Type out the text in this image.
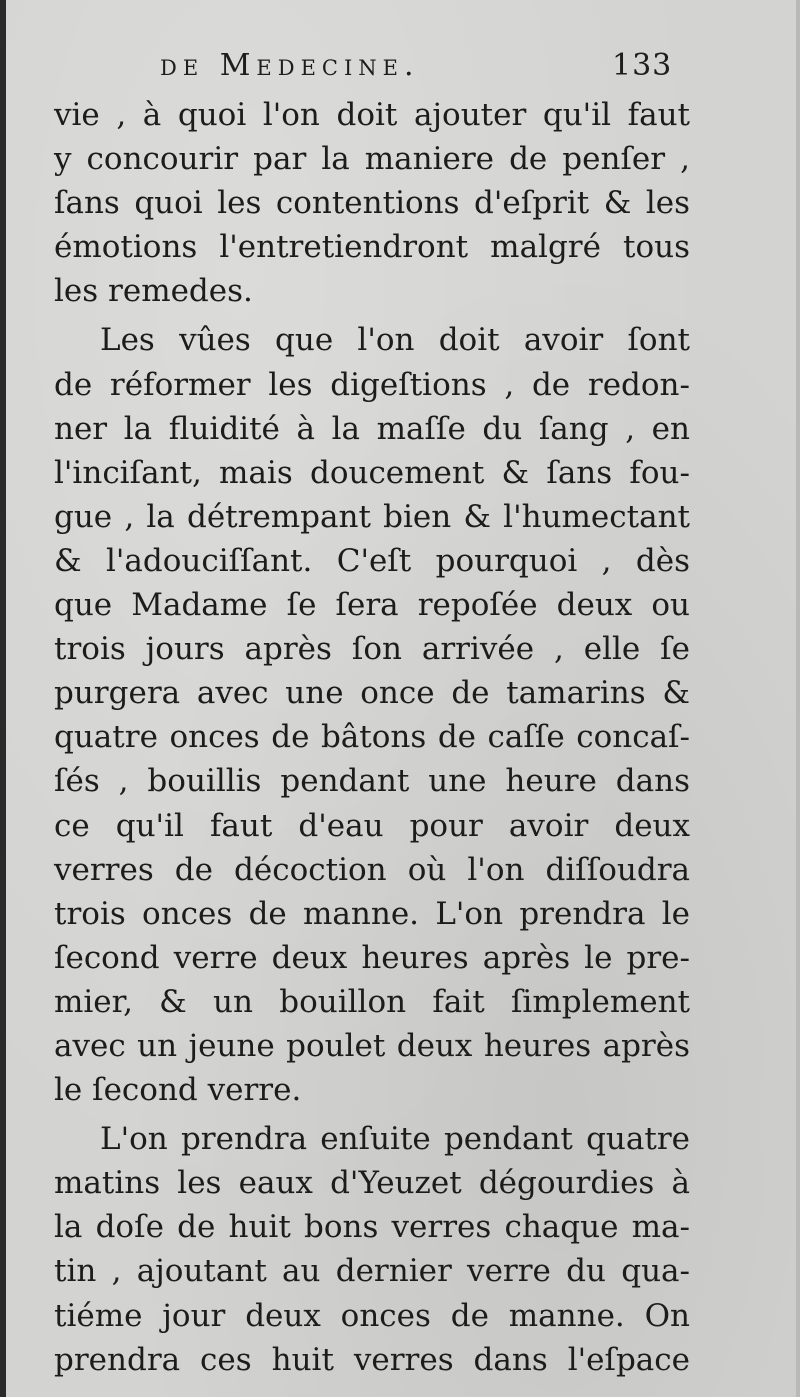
de Medecine.	133
vie , à quoi l'on doit ajouter qu'il faut
y concourir par la maniere de penſer ,
ſans quoi les contentions d'eſprit & les
émotions l'entretiendront malgré tous
les remedes.
Les vûes que l'on doit avoir ſont
de réformer les digeſtions , de redon-
ner la fluidité à la maſſe du ſang , en
l'inciſant, mais doucement & ſans fou-
gue , la détrempant bien & l'humectant
& l'adouciſſant. C'eſt pourquoi , dès
que Madame ſe ſera repoſée deux ou
trois jours après ſon arrivée , elle ſe
purgera avec une once de tamarins &
quatre onces de bâtons de caſſe concaſ-
ſés , bouillis pendant une heure dans
ce qu'il faut d'eau pour avoir deux
verres de décoction où l'on diſſoudra
trois onces de manne. L'on prendra le
ſecond verre deux heures après le pre-
mier, & un bouillon fait ſimplement
avec un jeune poulet deux heures après
le ſecond verre.
L'on prendra enſuite pendant quatre
matins les eaux d'Yeuzet dégourdies à
la doſe de huit bons verres chaque ma-
tin , ajoutant au dernier verre du qua-
tiéme jour deux onces de manne. On
prendra ces huit verres dans l'eſpace
